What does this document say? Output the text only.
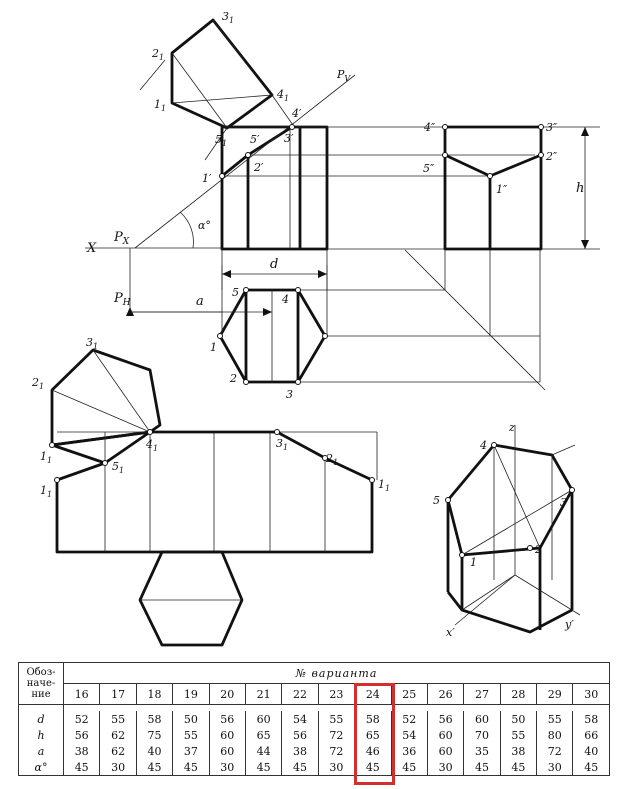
$3_1$
$2_1$
$1_1$
$4_1$
$5_1$
$P_V$
4′
5′ 3′
2′
1′
α°
X
$P_X$
$P_H$
d
a
h
4″	3″
5″
2″
1″
5
4
1
2
3
$3_1$
$2_1$
$1_1$
$4_1$
$5_1$
$1_1$
$3_1$
$2_1$
$1_1$
4
5
1
2
3
z
x′
y′
Обоз-наче-ние	№ варианта														
	16	17	18	19	20	21	22	23	24	25	26	27	28	29	30

d	52	55	58	50	56	60	54	55	58	52	56	60	50	55	58
h	56	62	75	55	60	65	56	72	65	54	60	70	55	80	66
a	38	62	40	37	60	44	38	72	46	36	60	35	38	72	40
α°	45	30	45	45	30	45	45	30	45	45	30	45	45	30	45
